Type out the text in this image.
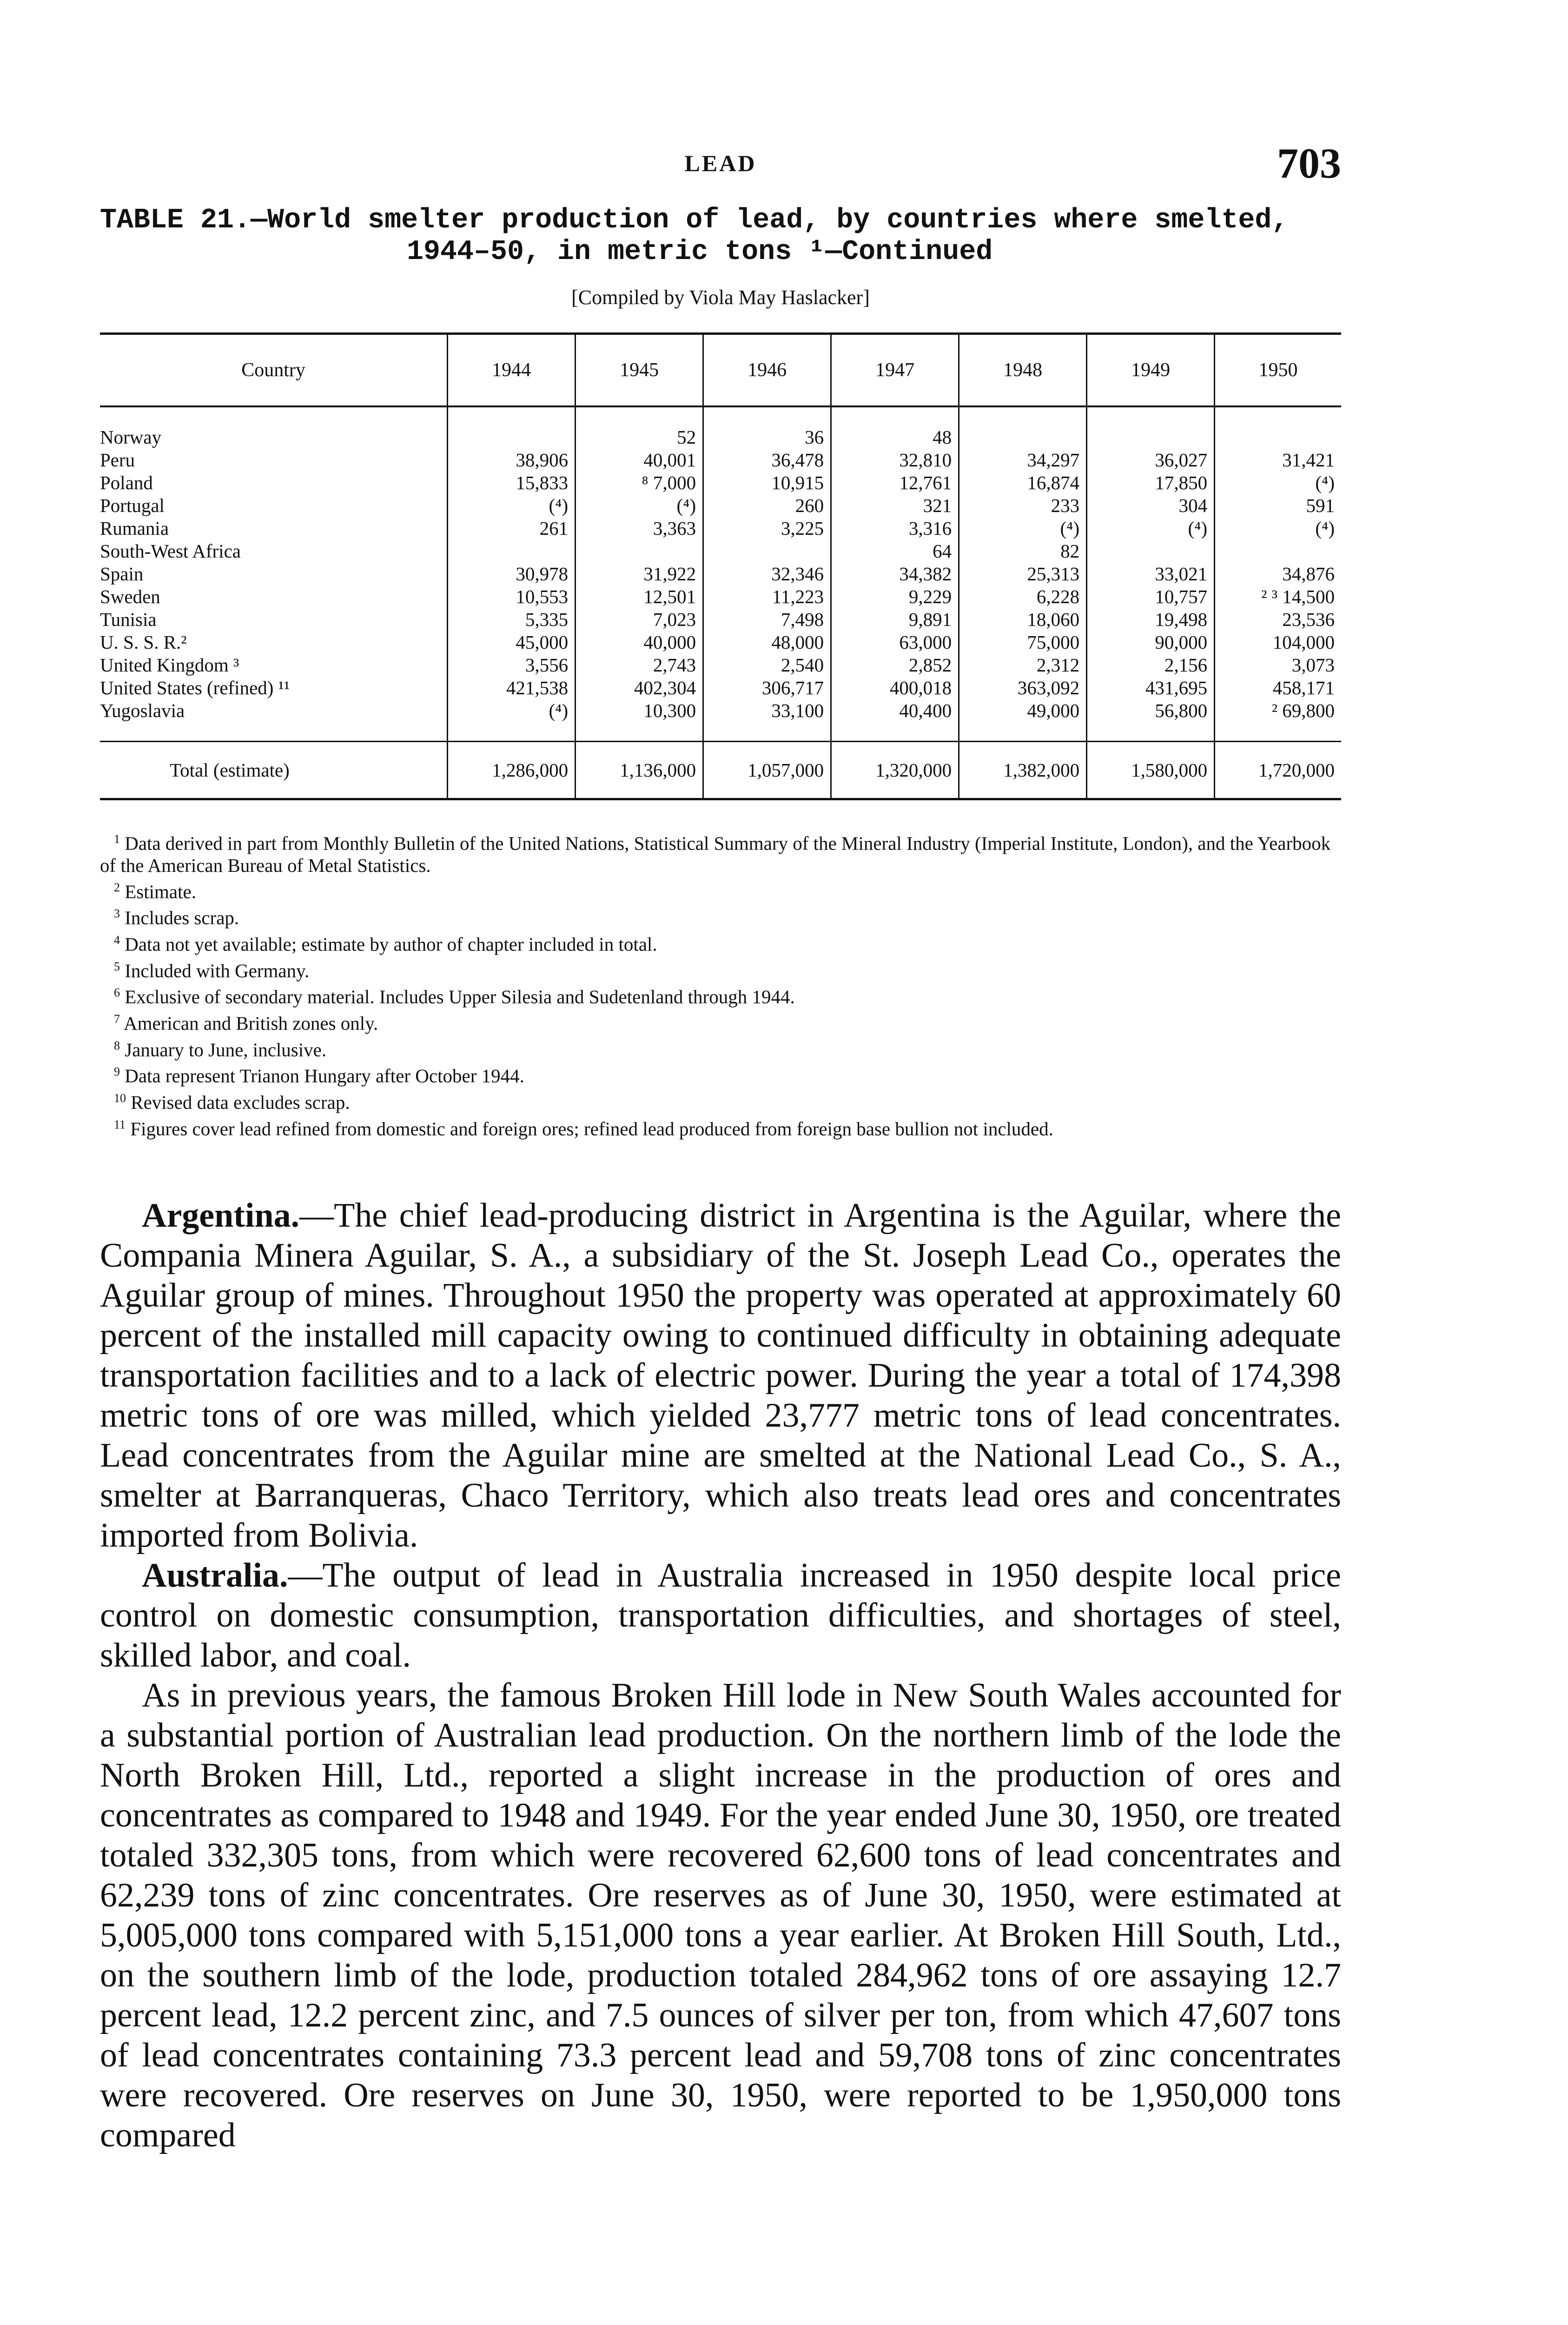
LEAD	703
TABLE 21.—World smelter production of lead, by countries where smelted,
1944–50, in metric tons ¹—Continued
[Compiled by Viola May Haslacker]
Country	1944	1945	1946	1947	1948	1949	1950

Norway		52	36	48			
Peru	38,906	40,001	36,478	32,810	34,297	36,027	31,421
Poland	15,833	⁸ 7,000	10,915	12,761	16,874	17,850	(⁴)
Portugal	(⁴)	(⁴)	260	321	233	304	591
Rumania	261	3,363	3,225	3,316	(⁴)	(⁴)	(⁴)
South-West Africa				64	82		
Spain	30,978	31,922	32,346	34,382	25,313	33,021	34,876
Sweden	10,553	12,501	11,223	9,229	6,228	10,757	² ³ 14,500
Tunisia	5,335	7,023	7,498	9,891	18,060	19,498	23,536
U. S. S. R.²	45,000	40,000	48,000	63,000	75,000	90,000	104,000
United Kingdom ³	3,556	2,743	2,540	2,852	2,312	2,156	3,073
United States (refined) ¹¹	421,538	402,304	306,717	400,018	363,092	431,695	458,171
Yugoslavia	(⁴)	10,300	33,100	40,400	49,000	56,800	² 69,800

Total (estimate)	1,286,000	1,136,000	1,057,000	1,320,000	1,382,000	1,580,000	1,720,000

$^1$ Data derived in part from Monthly Bulletin of the United Nations, Statistical Summary of the Mineral Industry (Imperial Institute, London), and the Yearbook of the American Bureau of Metal Statistics.

$^2$ Estimate.

$^3$ Includes scrap.

$^4$ Data not yet available; estimate by author of chapter included in total.

$^5$ Included with Germany.

$^6$ Exclusive of secondary material. Includes Upper Silesia and Sudetenland through 1944.

$^7$ American and British zones only.

$^8$ January to June, inclusive.

$^9$ Data represent Trianon Hungary after October 1944.

$^{10}$ Revised data excludes scrap.

$^{11}$ Figures cover lead refined from domestic and foreign ores; refined lead produced from foreign base bullion not included.

Argentina.—The chief lead-producing district in Argentina is the Aguilar, where the Compania Minera Aguilar, S. A., a subsidiary of the St. Joseph Lead Co., operates the Aguilar group of mines. Throughout 1950 the property was operated at approximately 60 percent of the installed mill capacity owing to continued difficulty in obtaining adequate transportation facilities and to a lack of electric power. During the year a total of 174,398 metric tons of ore was milled, which yielded 23,777 metric tons of lead concentrates. Lead concentrates from the Aguilar mine are smelted at the National Lead Co., S. A., smelter at Barranqueras, Chaco Territory, which also treats lead ores and concentrates imported from Bolivia.

Australia.—The output of lead in Australia increased in 1950 despite local price control on domestic consumption, transportation difficulties, and shortages of steel, skilled labor, and coal.

As in previous years, the famous Broken Hill lode in New South Wales accounted for a substantial portion of Australian lead production. On the northern limb of the lode the North Broken Hill, Ltd., reported a slight increase in the production of ores and concentrates as compared to 1948 and 1949. For the year ended June 30, 1950, ore treated totaled 332,305 tons, from which were recovered 62,600 tons of lead concentrates and 62,239 tons of zinc concentrates. Ore reserves as of June 30, 1950, were estimated at 5,005,000 tons compared with 5,151,000 tons a year earlier. At Broken Hill South, Ltd., on the southern limb of the lode, production totaled 284,962 tons of ore assaying 12.7 percent lead, 12.2 percent zinc, and 7.5 ounces of silver per ton, from which 47,607 tons of lead concentrates containing 73.3 percent lead and 59,708 tons of zinc concentrates were recovered. Ore reserves on June 30, 1950, were reported to be 1,950,000 tons compared
